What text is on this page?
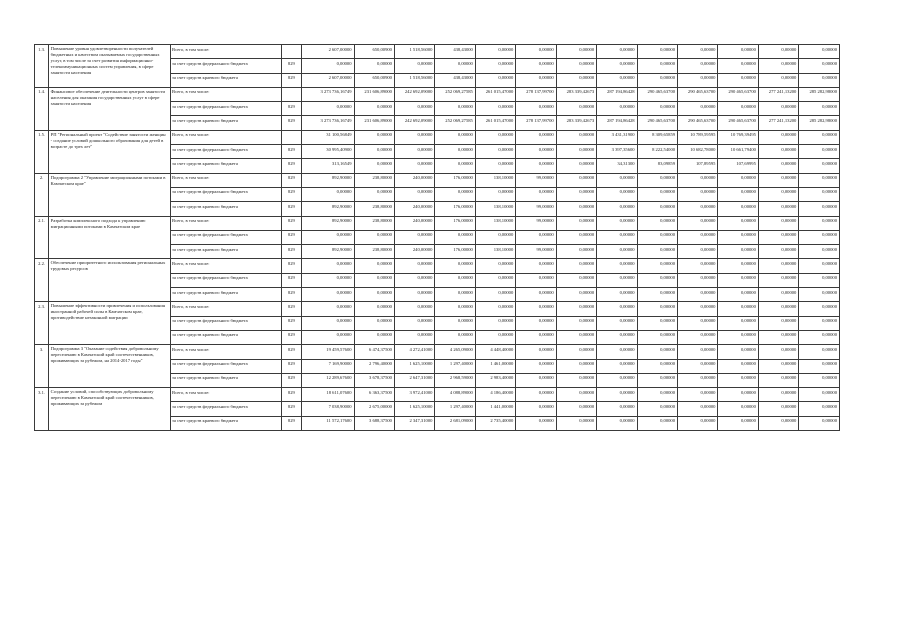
1.3.	Повышение уровня удовлетворенности получателей бюджетных и качеством оказываемых государственных услуг, в том числе за счет развития информационно-телекоммуникационных систем управления, в сфере занятости населения	Всего, в том числе:		2 607,00000	650,00900	1 518,56000	438,43000	0,00000	0,00000	0,00000	0,00000	0,00000	0,00000	0,00000	0,00000	0,00000
		за счет средств федерального бюджета	829	0,00000	0,00000	0,00000	0,00000	0,00000	0,00000	0,00000	0,00000	0,00000	0,00000	0,00000	0,00000	0,00000
		за счет средств краевого бюджета	829	2 607,00000	650,00900	1 518,56000	438,43000	0,00000	0,00000	0,00000	0,00000	0,00000	0,00000	0,00000	0,00000	0,00000
1.4.	Финансовое обеспечение деятельности центров занятости населения для оказания государственных услуг в сфере занятости населения	Всего, в том числе:		3 273 736,16749	231 606,89000	242 692,09000	252 069,27585	261 015,47000	278 137,99700	283 339,42673	287 194,86428	290 465,63700	290 465,63700	290 465,63700	277 241,13200	285 282,98000
		за счет средств федерального бюджета	829	0,00000	0,00000	0,00000	0,00000	0,00000	0,00000	0,00000	0,00000	0,00000	0,00000	0,00000	0,00000	0,00000
		за счет средств краевого бюджета	829	3 273 736,16749	231 606,89000	242 692,09000	252 069,27585	261 015,47000	278 137,99700	283 339,42673	287 194,86428	290 465,63700	290 465,63700	290 465,63700	277 241,13200	285 282,98000
1.5.	РП "Региональный проект "Содействие занятости женщин - создание условий дошкольного образования для детей в возрасте до трех лет"	Всего, в том числе:		31 100,56849	0,00000	0,00000	0,00000	0,00000	0,00000	0,00000	3 431,31900	8 309,65859	10 789,59595	10 769,39495	0,00000	0,00000
		за счет средств федерального бюджета	829	30 995,40900	0,00000	0,00000	0,00000	0,00000	0,00000	0,00000	3 397,35600	8 222,54000	10 682,78000	10 661,79400	0,00000	0,00000
		за счет средств краевого бюджета	829	313,16549	0,00000	0,00000	0,00000	0,00000	0,00000	0,00000	34,31300	83,09859	107,89595	107,69995	0,00000	0,00000
2.	Подпрограмма 2 "Управление миграционными потоками в Камчатском крае"	Всего, в том числе:	829	892,90000	238,80000	240,00000	176,00000	138,10000	99,00000	0,00000	0,00000	0,00000	0,00000	0,00000	0,00000	0,00000
		за счет средств федерального бюджета	829	0,00000	0,00000	0,00000	0,00000	0,00000	0,00000	0,00000	0,00000	0,00000	0,00000	0,00000	0,00000	0,00000
		за счет средств краевого бюджета	829	892,90000	238,80000	240,00000	176,00000	138,10000	99,00000	0,00000	0,00000	0,00000	0,00000	0,00000	0,00000	0,00000
2.1.	Разработка комплексного подхода к управлению миграционными потоками в Камчатском крае	Всего, в том числе:	829	892,90000	238,80000	240,00000	176,00000	138,10000	99,00000	0,00000	0,00000	0,00000	0,00000	0,00000	0,00000	0,00000
		за счет средств федерального бюджета	829	0,00000	0,00000	0,00000	0,00000	0,00000	0,00000	0,00000	0,00000	0,00000	0,00000	0,00000	0,00000	0,00000
		за счет средств краевого бюджета	829	892,90000	238,80000	240,00000	176,00000	138,10000	99,00000	0,00000	0,00000	0,00000	0,00000	0,00000	0,00000	0,00000
2.2.	Обеспечение приоритетного использования региональных трудовых ресурсов	Всего, в том числе:	829	0,00000	0,00000	0,00000	0,00000	0,00000	0,00000	0,00000	0,00000	0,00000	0,00000	0,00000	0,00000	0,00000
		за счет средств федерального бюджета	829	0,00000	0,00000	0,00000	0,00000	0,00000	0,00000	0,00000	0,00000	0,00000	0,00000	0,00000	0,00000	0,00000
		за счет средств краевого бюджета	829	0,00000	0,00000	0,00000	0,00000	0,00000	0,00000	0,00000	0,00000	0,00000	0,00000	0,00000	0,00000	0,00000
2.3.	Повышение эффективности привлечения и использования иностранной рабочей силы в Камчатском крае, противодействие незаконной миграции	Всего, в том числе:	829	0,00000	0,00000	0,00000	0,00000	0,00000	0,00000	0,00000	0,00000	0,00000	0,00000	0,00000	0,00000	0,00000
		за счет средств федерального бюджета	829	0,00000	0,00000	0,00000	0,00000	0,00000	0,00000	0,00000	0,00000	0,00000	0,00000	0,00000	0,00000	0,00000
		за счет средств краевого бюджета	829	0,00000	0,00000	0,00000	0,00000	0,00000	0,00000	0,00000	0,00000	0,00000	0,00000	0,00000	0,00000	0,00000
3.	Подпрограмма 3 "Оказание содействия добровольному переселению в Камчатский край соотечественников, проживающих за рубежом, на 2014-2017 годы"	Всего, в том числе:	829	19 459,57600	6 474,37500	4 272,41000	4 265,09000	4 448,40000	0,00000	0,00000	0,00000	0,00000	0,00000	0,00000	0,00000	0,00000
		за счет средств федерального бюджета	829	7 169,90000	2 796,40000	1 625,10000	1 297,40000	1 461,00000	0,00000	0,00000	0,00000	0,00000	0,00000	0,00000	0,00000	0,00000
		за счет средств краевого бюджета	829	12 289,67600	3 678,37500	2 647,31000	2 968,59000	2 983,40000	0,00000	0,00000	0,00000	0,00000	0,00000	0,00000	0,00000	0,00000
3.1.	Создание условий, способствующих добровольному переселению в Камчатский край соотечественников, проживающих за рубежом	Всего, в том числе:	829	18 611,07600	6 363,37500	3 972,41000	4 088,89000	4 186,40000	0,00000	0,00000	0,00000	0,00000	0,00000	0,00000	0,00000	0,00000
		за счет средств федерального бюджета	829	7 038,90000	2 675,00000	1 625,10000	1 297,40000	1 441,00000	0,00000	0,00000	0,00000	0,00000	0,00000	0,00000	0,00000	0,00000
		за счет средств краевого бюджета	829	11 572,17600	3 688,37500	2 347,31000	2 681,09000	2 735,40000	0,00000	0,00000	0,00000	0,00000	0,00000	0,00000	0,00000	0,00000
